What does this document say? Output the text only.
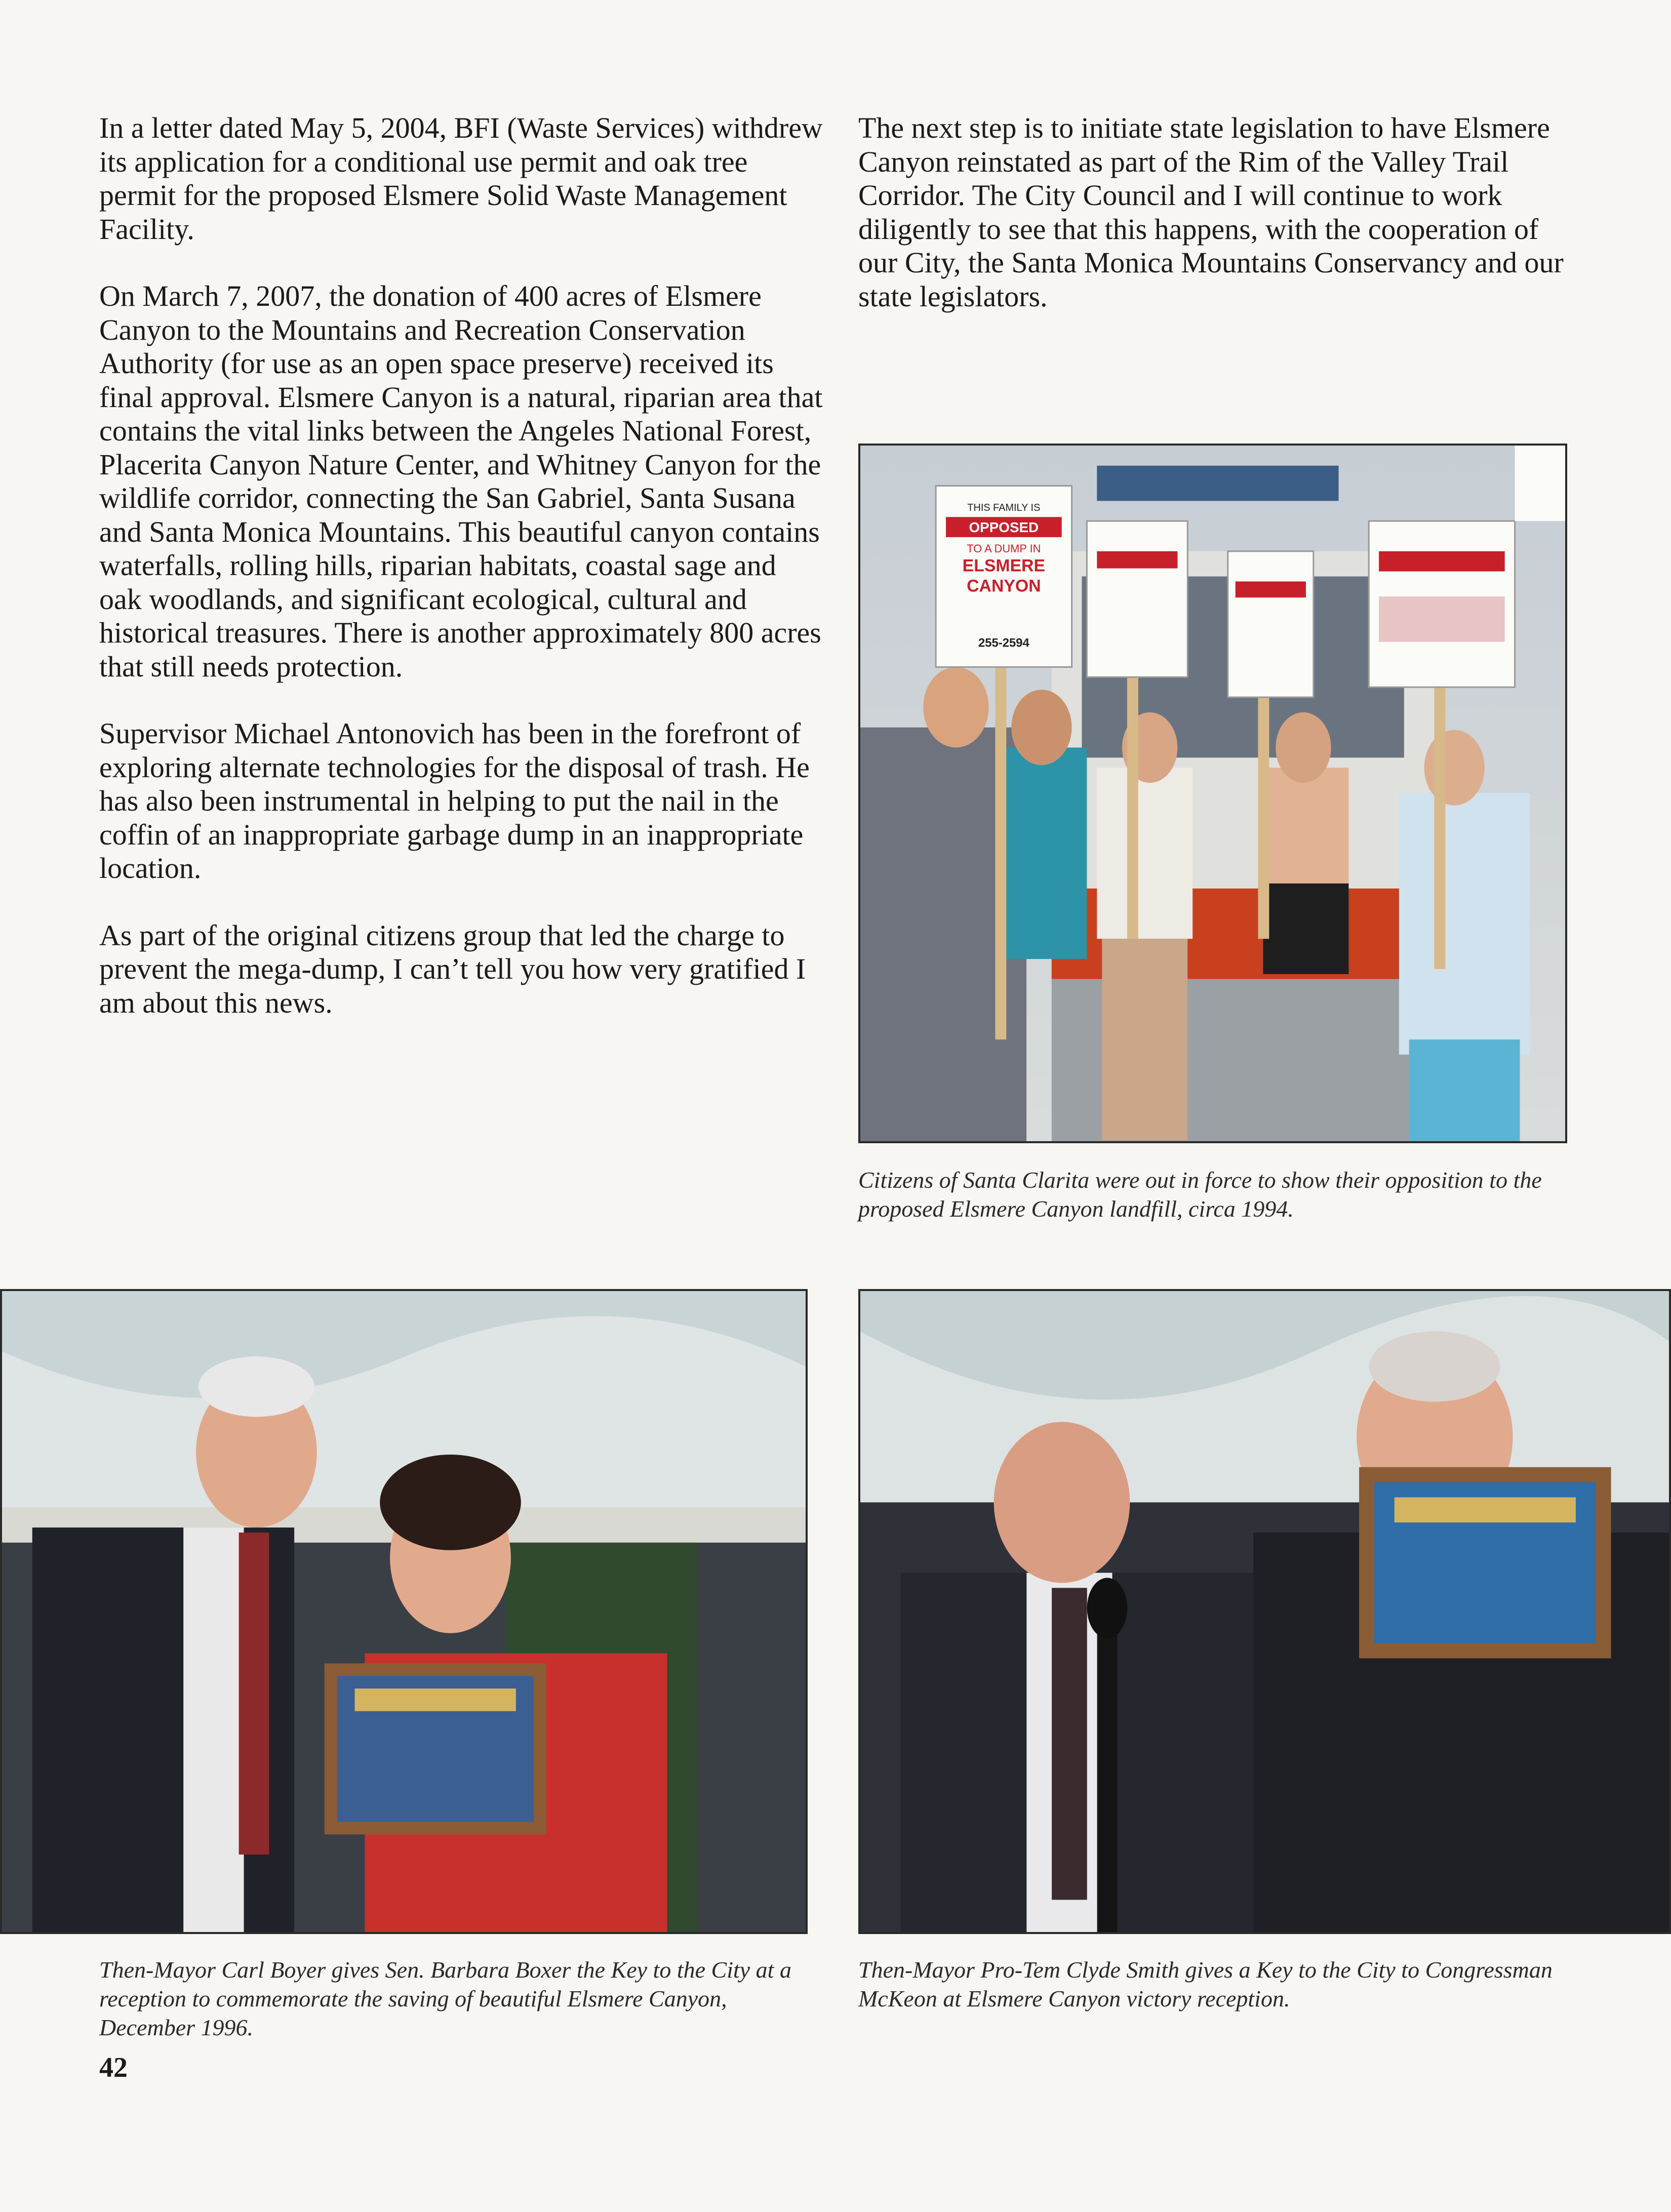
In a letter dated May 5, 2004, BFI (Waste Services) withdrew its application for a conditional use permit and oak tree permit for the proposed Elsmere Solid Waste Management Facility.

On March 7, 2007, the donation of 400 acres of Elsmere Canyon to the Mountains and Recreation Conservation Authority (for use as an open space preserve) received its final approval. Elsmere Canyon is a natural, riparian area that contains the vital links between the Angeles National Forest, Placerita Canyon Nature Center, and Whitney Canyon for the wildlife corridor, connecting the San Gabriel, Santa Susana and Santa Monica Mountains. This beautiful canyon contains waterfalls, rolling hills, riparian habitats, coastal sage and oak woodlands, and significant ecological, cultural and historical treasures. There is another approximately 800 acres that still needs protection.

Supervisor Michael Antonovich has been in the forefront of exploring alternate technologies for the disposal of trash. He has also been instrumental in helping to put the nail in the coffin of an inappropriate garbage dump in an inappropriate location.

As part of the original citizens group that led the charge to prevent the mega-dump, I can’t tell you how very gratified I am about this news.

The next step is to initiate state legislation to have Elsmere Canyon reinstated as part of the Rim of the Valley Trail Corridor. The City Council and I will continue to work diligently to see that this happens, with the cooperation of our City, the Santa Monica Mountains Conservancy and our state legislators.

THIS FAMILY IS
OPPOSED
TO A DUMP IN
ELSMERE
CANYON
255-2594
Citizens of Santa Clarita were out in force to show their opposition to the proposed Elsmere Canyon landfill, circa 1994.
Then-Mayor Carl Boyer gives Sen. Barbara Boxer the Key to the City at a reception to commemorate the saving of beautiful Elsmere Canyon, December 1996.
Then-Mayor Pro-Tem Clyde Smith gives a Key to the City to Congressman McKeon at Elsmere Canyon victory reception.
42
